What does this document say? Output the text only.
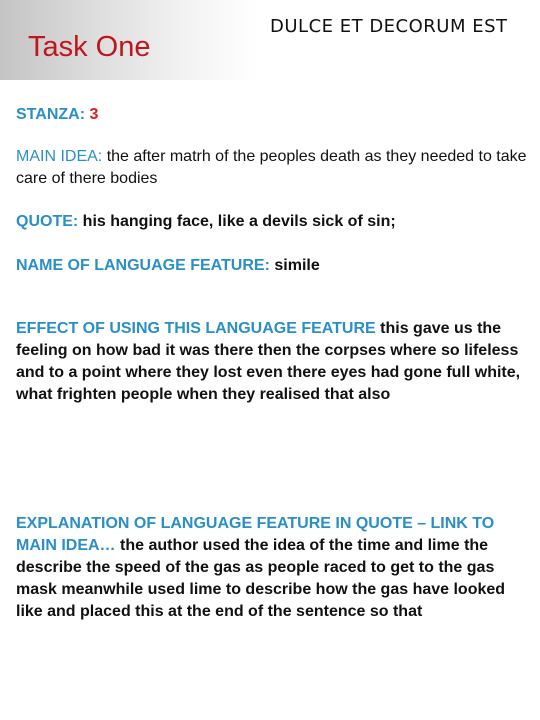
Task One
DULCE ET DECORUM EST

STANZA: 3

MAIN IDEA: the after matrh of the peoples death as they needed to take care of there bodies

QUOTE: his hanging face, like a devils sick of sin;

NAME OF LANGUAGE FEATURE: simile

EFFECT OF USING THIS LANGUAGE FEATURE this gave us the feeling on how bad it was there then the corpses where so lifeless and to a point where they lost even there eyes had gone full white, what frighten people when they realised that also

EXPLANATION OF LANGUAGE FEATURE IN QUOTE – LINK TO MAIN IDEA… the author used the idea of the time and lime the describe the speed of the gas as people raced to get to the gas mask meanwhile used lime to describe how the gas have looked like and placed this at the end of the sentence so that
